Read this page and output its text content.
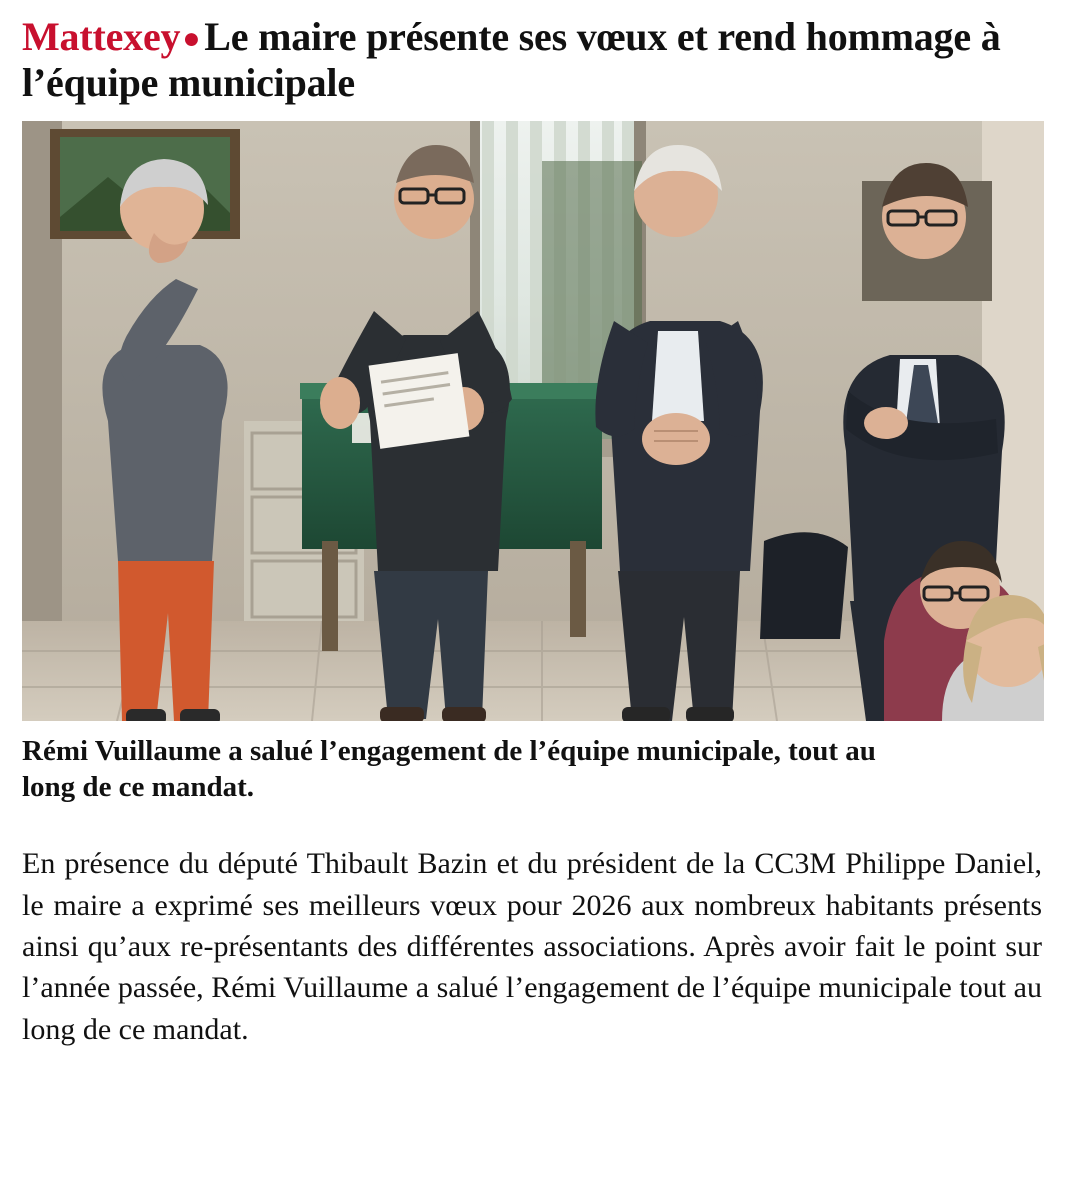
Mattexey● Le maire présente ses vœux et rend hommage à l’équipe municipale

Rémi Vuillaume a salué l’engagement de l’équipe municipale, tout au long de ce mandat.

En présence du député Thibault Bazin et du président de la CC3M Philippe Daniel, le maire a exprimé ses meilleurs vœux pour 2026 aux nombreux habitants présents ainsi qu’aux re-présentants des différentes associations. Après avoir fait le point sur l’année passée, Rémi Vuillaume a salué l’engagement de l’équipe municipale tout au long de ce mandat.
